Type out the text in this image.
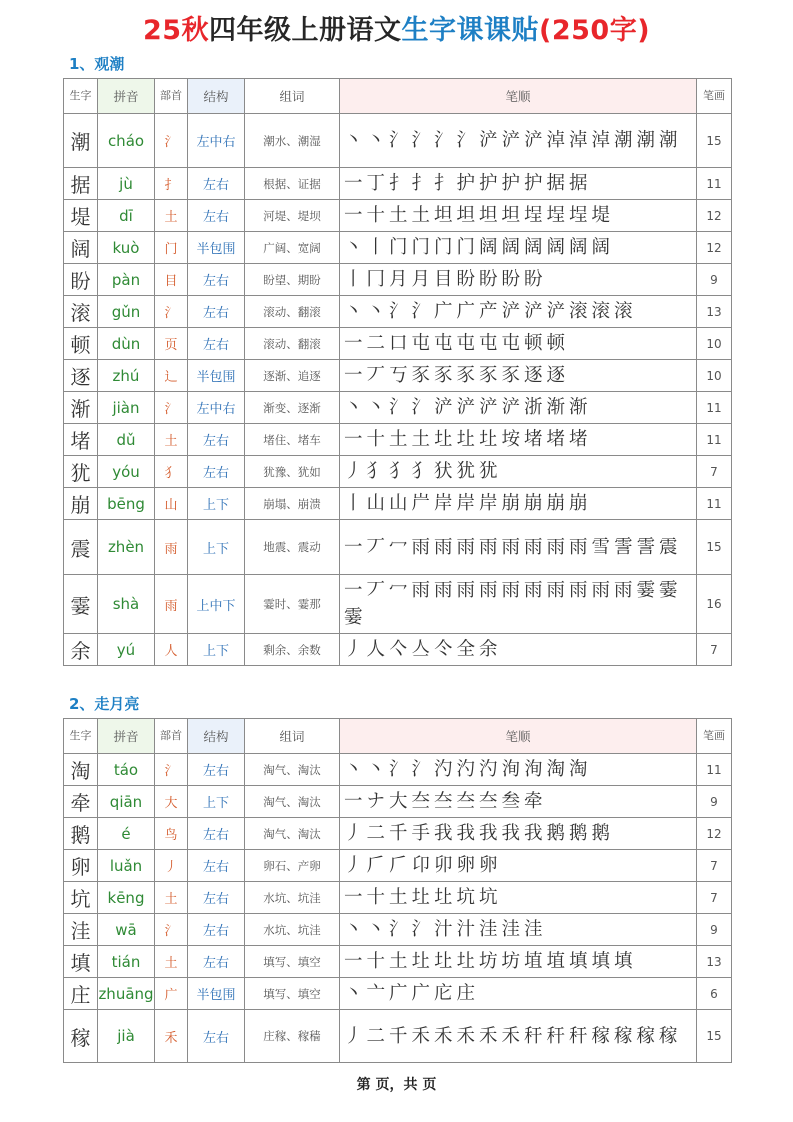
25秋四年级上册语文生字课课贴(250字)
1、观潮
生字	拼音	部首	结构	组词	笔顺	笔画
潮	cháo	氵	左中右	潮水、潮湿	丶丶氵氵氵氵浐浐浐淖淖淖潮潮潮	15
据	jù	扌	左右	根据、证据	一丁扌扌扌护护护护据据	11
堤	dī	土	左右	河堤、堤坝	一十土土坦坦坦坦埕埕埕堤	12
阔	kuò	门	半包围	广阔、宽阔	丶丨门门门门阔阔阔阔阔阔	12
盼	pàn	目	左右	盼望、期盼	丨冂月月目盼盼盼盼	9
滚	gǔn	氵	左右	滚动、翻滚	丶丶氵氵广广产浐浐浐滚滚滚	13
顿	dùn	页	左右	滚动、翻滚	一二口屯屯屯屯屯顿顿	10
逐	zhú	辶	半包围	逐渐、追逐	一丆丂豕豕豕豕豕逐逐	10
渐	jiàn	氵	左中右	渐变、逐渐	丶丶氵氵浐浐浐浐浙渐渐	11
堵	dǔ	土	左右	堵住、堵车	一十土土圵圵圵垵堵堵堵	11
犹	yóu	犭	左右	犹豫、犹如	丿犭犭犭犾犹犹	7
崩	bēng	山	上下	崩塌、崩溃	丨山山屵岸岸岸崩崩崩崩	11
震	zhèn	雨	上下	地震、震动	一丆冖雨雨雨雨雨雨雨雨雪霅霅震	15
霎	shà	雨	上中下	霎时、霎那	一丆冖雨雨雨雨雨雨雨雨雨雨霎霎霎	16
余	yú	人	上下	剩余、余数	丿人亽亼仒全余	7
2、走月亮
生字	拼音	部首	结构	组词	笔顺	笔画
淘	táo	氵	左右	淘气、淘汰	丶丶氵氵汋汋汋洵洵淘淘	11
牵	qiān	大	上下	淘气、淘汰	一ナ大夳夳夳夳叁牵	9
鹅	é	鸟	左右	淘气、淘汰	丿二千手我我我我我鹅鹅鹅	12
卵	luǎn	丿	左右	卵石、产卵	丿𠂆𠂆卬卯卵卵	7
坑	kēng	土	左右	水坑、坑洼	一十土圵圵坑坑	7
洼	wā	氵	左右	水坑、坑洼	丶丶氵氵汁汁洼洼洼	9
填	tián	土	左右	填写、填空	一十土圵圵圵坊坊埴埴填填填	13
庄	zhuāng	广	半包围	填写、填空	丶亠广广庀庄	6
稼	jià	禾	左右	庄稼、稼穑	丿二千禾禾禾禾禾秆秆秆稼稼稼稼	15
第 页，共 页
